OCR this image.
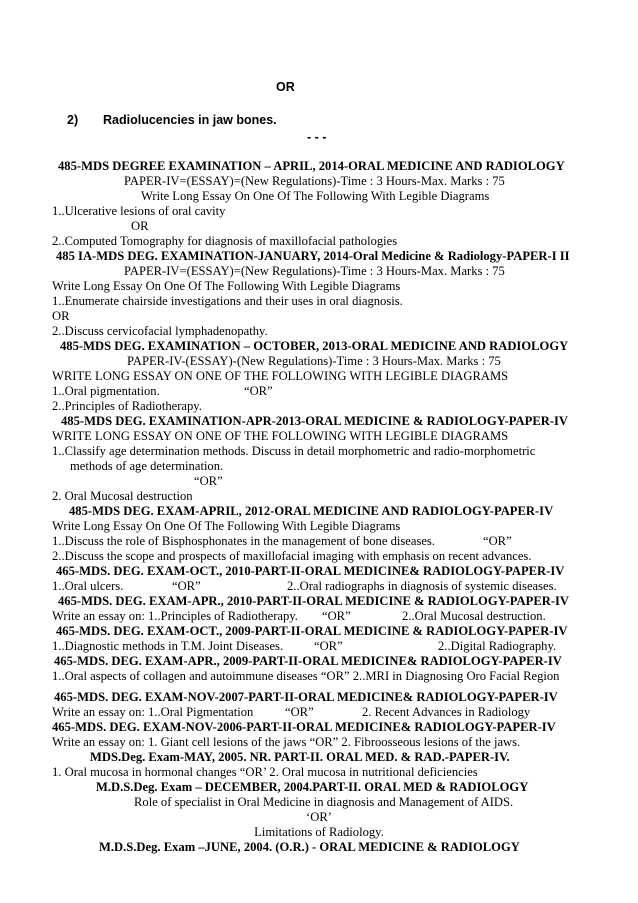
OR
2) Radiolucencies in jaw bones.
- - -
485-MDS DEGREE EXAMINATION – APRIL, 2014-ORAL MEDICINE AND RADIOLOGY
PAPER-IV=(ESSAY)=(New Regulations)-Time : 3 Hours-Max. Marks : 75
Write Long Essay On One Of The Following With Legible Diagrams
1..Ulcerative lesions of oral cavity
OR
2..Computed Tomography for diagnosis of maxillofacial pathologies
485 IA-MDS DEG. EXAMINATION-JANUARY, 2014-Oral Medicine & Radiology-PAPER-I II
PAPER-IV=(ESSAY)=(New Regulations)-Time : 3 Hours-Max. Marks : 75
Write Long Essay On One Of The Following With Legible Diagrams
1..Enumerate chairside investigations and their uses in oral diagnosis.
OR
2..Discuss cervicofacial lymphadenopathy.
485-MDS DEG. EXAMINATION – OCTOBER, 2013-ORAL MEDICINE AND RADIOLOGY
PAPER-IV-(ESSAY)-(New Regulations)-Time : 3 Hours-Max. Marks : 75
WRITE LONG ESSAY ON ONE OF THE FOLLOWING WITH LEGIBLE DIAGRAMS
1..Oral pigmentation.	“OR”
2..Principles of Radiotherapy.
485-MDS DEG. EXAMINATION-APR-2013-ORAL MEDICINE & RADIOLOGY-PAPER-IV
WRITE LONG ESSAY ON ONE OF THE FOLLOWING WITH LEGIBLE DIAGRAMS
1..Classify age determination methods. Discuss in detail morphometric and radio-morphometric
methods of age determination.
“OR”
2. Oral Mucosal destruction
485-MDS DEG. EXAM-APRIL, 2012-ORAL MEDICINE AND RADIOLOGY-PAPER-IV
Write Long Essay On One Of The Following With Legible Diagrams
1..Discuss the role of Bisphosphonates in the management of bone diseases.	“OR”
2..Discuss the scope and prospects of maxillofacial imaging with emphasis on recent advances.
465-MDS. DEG. EXAM-OCT., 2010-PART-II-ORAL MEDICINE& RADIOLOGY-PAPER-IV
1..Oral ulcers.	“OR”	2..Oral radiographs in diagnosis of systemic diseases.
465-MDS. DEG. EXAM-APR., 2010-PART-II-ORAL MEDICINE & RADIOLOGY-PAPER-IV
Write an essay on: 1..Principles of Radiotherapy. “OR”	2..Oral Mucosal destruction.
465-MDS. DEG. EXAM-OCT., 2009-PART-II-ORAL MEDICINE & RADIOLOGY-PAPER-IV
1..Diagnostic methods in T.M. Joint Diseases. “OR”	2..Digital Radiography.
465-MDS. DEG. EXAM-APR., 2009-PART-II-ORAL MEDICINE& RADIOLOGY-PAPER-IV
1..Oral aspects of collagen and autoimmune diseases “OR” 2..MRI in Diagnosing Oro Facial Region
465-MDS. DEG. EXAM-NOV-2007-PART-II-ORAL MEDICINE& RADIOLOGY-PAPER-IV
Write an essay on: 1..Oral Pigmentation	“OR”	2. Recent Advances in Radiology
465-MDS. DEG. EXAM-NOV-2006-PART-II-ORAL MEDICINE& RADIOLOGY-PAPER-IV
Write an essay on: 1. Giant cell lesions of the jaws “OR” 2. Fibroosseous lesions of the jaws.
MDS.Deg. Exam-MAY, 2005. NR. PART-II. ORAL MED. & RAD.-PAPER-IV.
1. Oral mucosa in hormonal changes “OR’ 2. Oral mucosa in nutritional deficiencies
M.D.S.Deg. Exam – DECEMBER, 2004.PART-II. ORAL MED & RADIOLOGY
Role of specialist in Oral Medicine in diagnosis and Management of AIDS.
‘OR’
Limitations of Radiology.
M.D.S.Deg. Exam –JUNE, 2004. (O.R.) - ORAL MEDICINE & RADIOLOGY
